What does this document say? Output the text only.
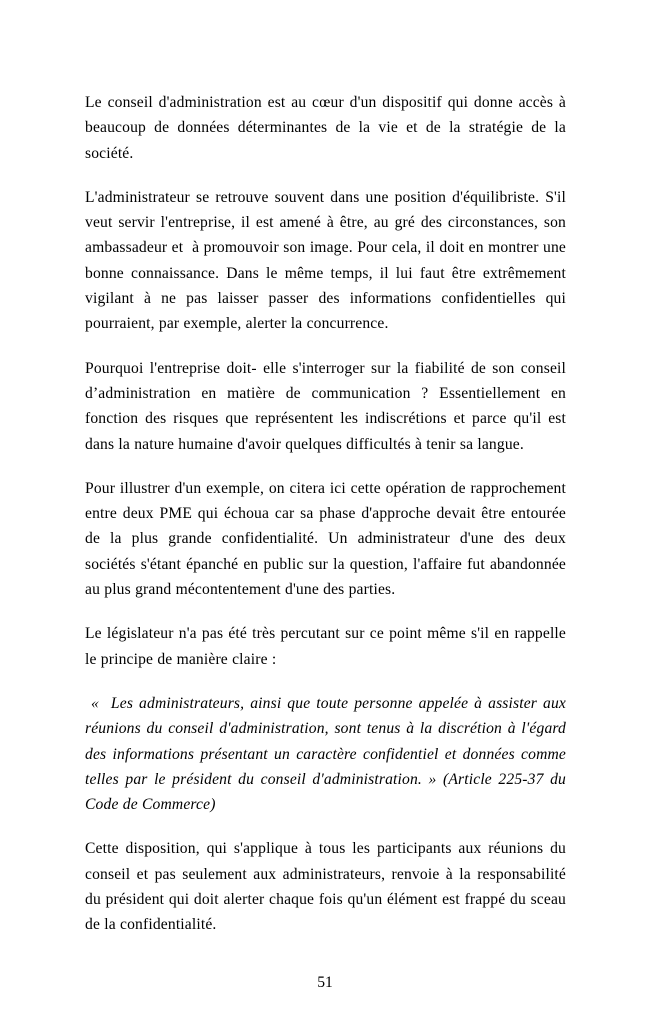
Le conseil d'administration est au cœur d'un dispositif qui donne accès à beaucoup de données déterminantes de la vie et de la stratégie de la société.

L'administrateur se retrouve souvent dans une position d'équilibriste. S'il veut servir l'entreprise, il est amené à être, au gré des circonstances, son ambassadeur et  à promouvoir son image. Pour cela, il doit en montrer une bonne connaissance. Dans le même temps, il lui faut être extrêmement vigilant à ne pas laisser passer des informations confidentielles qui pourraient, par exemple, alerter la concurrence.

Pourquoi l'entreprise doit- elle s'interroger sur la fiabilité de son conseil d’administration en matière de communication ? Essentiellement en fonction des risques que représentent les indiscrétions et parce qu'il est dans la nature humaine d'avoir quelques difficultés à tenir sa langue.

Pour illustrer d'un exemple, on citera ici cette opération de rapprochement entre deux PME qui échoua car sa phase d'approche devait être entourée de la plus grande confidentialité. Un administrateur d'une des deux sociétés s'étant épanché en public sur la question, l'affaire fut abandonnée au plus grand mécontentement d'une des parties.

Le législateur n'a pas été très percutant sur ce point même s'il en rappelle le principe de manière claire :

«  Les administrateurs, ainsi que toute personne appelée à assister aux réunions du conseil d'administration, sont tenus à la discrétion à l'égard des informations présentant un caractère confidentiel et données comme telles par le président du conseil d'administration. » (Article 225-37 du Code de Commerce)

Cette disposition, qui s'applique à tous les participants aux réunions du conseil et pas seulement aux administrateurs, renvoie à la responsabilité du président qui doit alerter chaque fois qu'un élément est frappé du sceau de la confidentialité.

51
